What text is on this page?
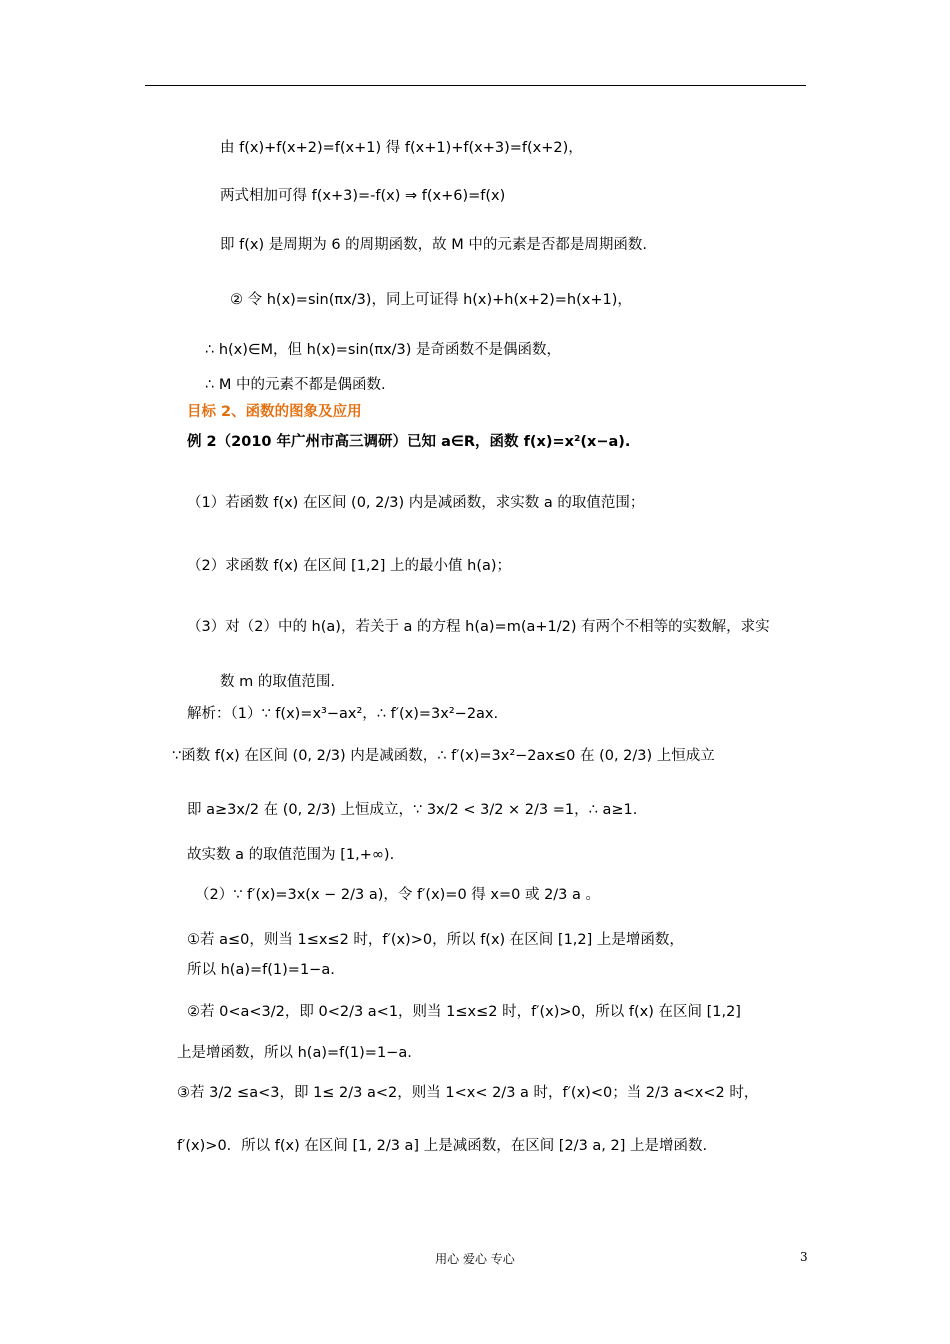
由 f(x)+f(x+2)=f(x+1) 得 f(x+1)+f(x+3)=f(x+2)，
两式相加可得 f(x+3)=-f(x) ⇒ f(x+6)=f(x)
即 f(x) 是周期为 6 的周期函数，故 M 中的元素是否都是周期函数.
② 令 h(x)=sin(πx/3)，同上可证得 h(x)+h(x+2)=h(x+1)，
∴ h(x)∈M，但 h(x)=sin(πx/3) 是奇函数不是偶函数，
∴ M 中的元素不都是偶函数.
目标 2、函数的图象及应用
例 2（2010 年广州市高三调研）已知 a∈R，函数 f(x)=x²(x−a).
（1）若函数 f(x) 在区间 (0, 2/3) 内是减函数，求实数 a 的取值范围；
（2）求函数 f(x) 在区间 [1,2] 上的最小值 h(a)；
（3）对（2）中的 h(a)，若关于 a 的方程 h(a)=m(a+1/2) 有两个不相等的实数解，求实
数 m 的取值范围.
解析：（1）∵ f(x)=x³−ax²，∴ f′(x)=3x²−2ax.
∵函数 f(x) 在区间 (0, 2/3) 内是减函数，∴ f′(x)=3x²−2ax≤0 在 (0, 2/3) 上恒成立
即 a≥3x/2 在 (0, 2/3) 上恒成立，∵ 3x/2 < 3/2 × 2/3 =1，∴ a≥1.
故实数 a 的取值范围为 [1,+∞).
（2）∵ f′(x)=3x(x − 2/3 a)，令 f′(x)=0 得 x=0 或 2/3 a 。
①若 a≤0，则当 1≤x≤2 时，f′(x)>0，所以 f(x) 在区间 [1,2] 上是增函数，
所以 h(a)=f(1)=1−a.
②若 0<a<3/2，即 0<2/3 a<1，则当 1≤x≤2 时，f′(x)>0，所以 f(x) 在区间 [1,2]
上是增函数，所以 h(a)=f(1)=1−a.
③若 3/2 ≤a<3，即 1≤ 2/3 a<2，则当 1<x< 2/3 a 时，f′(x)<0；当 2/3 a<x<2 时，
f′(x)>0．所以 f(x) 在区间 [1, 2/3 a] 上是减函数，在区间 [2/3 a, 2] 上是增函数.
用心 爱心 专心	3
